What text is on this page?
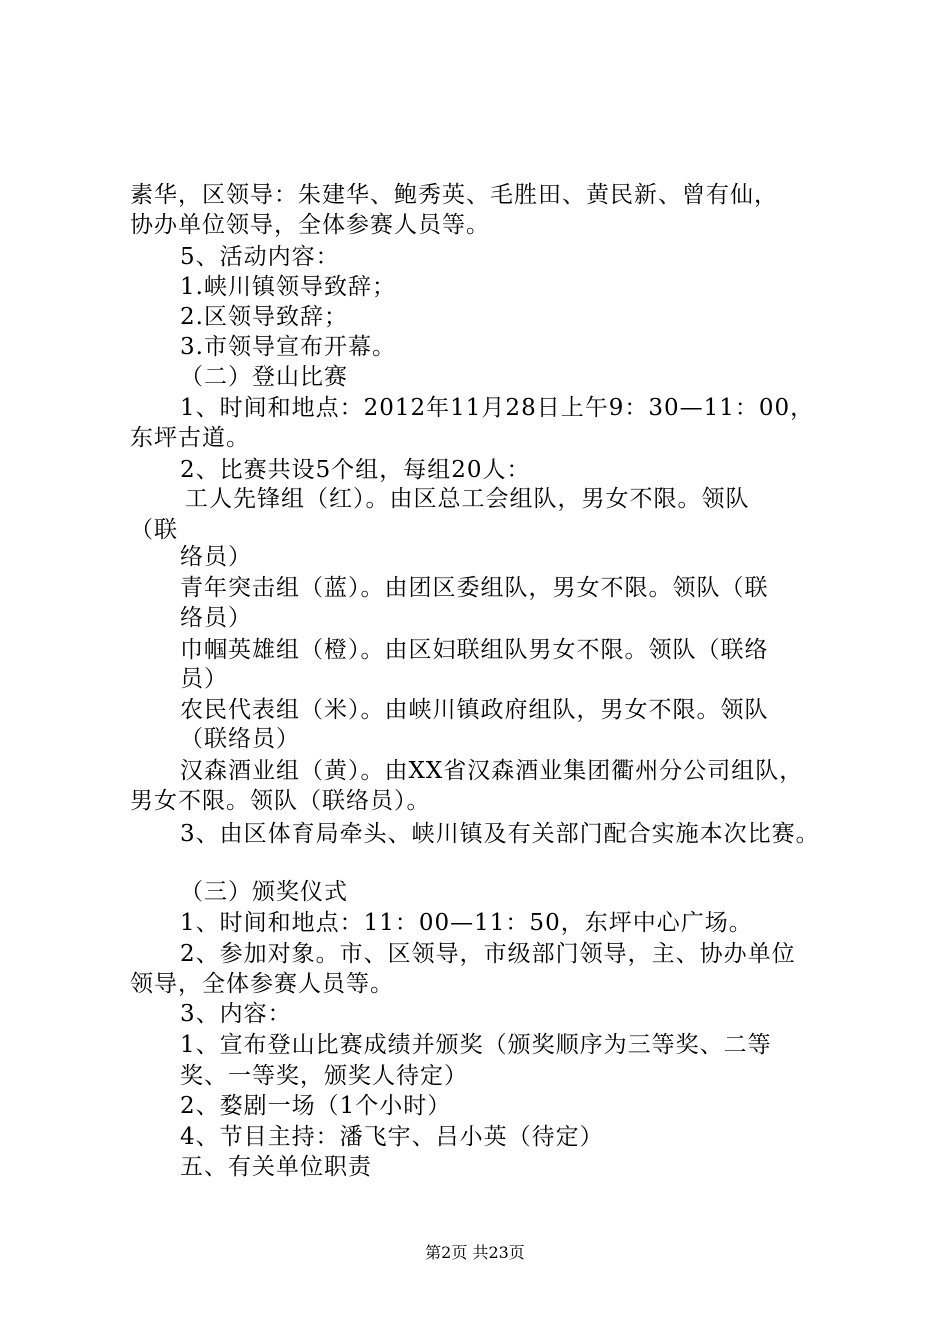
素华，区领导：朱建华、鲍秀英、毛胜田、黄民新、曾有仙，
协办单位领导，全体参赛人员等。
5、活动内容：
1.峡川镇领导致辞；
2.区领导致辞；
3.市领导宣布开幕。
（二）登山比赛
1、时间和地点：2012年11月28日上午9：30—11：00，
东坪古道。
2、比赛共设5个组，每组20人：
工人先锋组（红）。由区总工会组队，男女不限。领队
（联
络员）
青年突击组（蓝）。由团区委组队，男女不限。领队（联
络员）
巾帼英雄组（橙）。由区妇联组队男女不限。领队（联络
员）
农民代表组（米）。由峡川镇政府组队，男女不限。领队
（联络员）
汉森酒业组（黄）。由XX省汉森酒业集团衢州分公司组队，
男女不限。领队（联络员）。
3、由区体育局牵头、峡川镇及有关部门配合实施本次比赛。
（三）颁奖仪式
1、时间和地点：11：00—11：50，东坪中心广场。
2、参加对象。市、区领导，市级部门领导，主、协办单位
领导，全体参赛人员等。
3、内容：
1、宣布登山比赛成绩并颁奖（颁奖顺序为三等奖、二等
奖、一等奖，颁奖人待定）
2、婺剧一场（1个小时）
4、节目主持：潘飞宇、吕小英（待定）
五、有关单位职责
第2页 共23页
